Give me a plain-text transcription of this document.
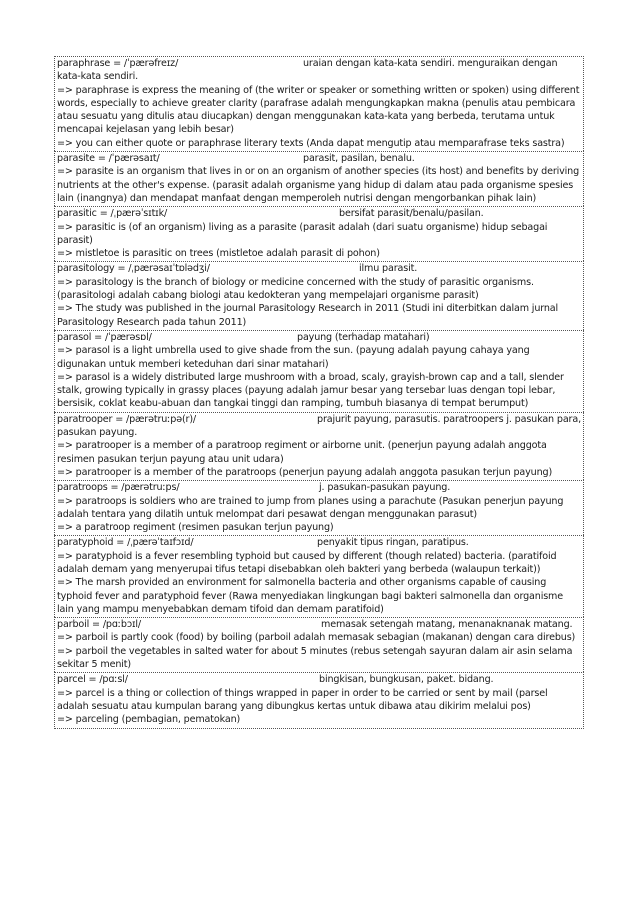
paraphrase = /ˈpærəfreɪz/	uraian dengan kata-kata sendiri. menguraikan dengan kata-kata sendiri.
=> paraphrase is express the meaning of (the writer or speaker or something written or spoken) using different words, especially to achieve greater clarity (parafrase adalah mengungkapkan makna (penulis atau pembicara atau sesuatu yang ditulis atau diucapkan) dengan menggunakan kata-kata yang berbeda, terutama untuk mencapai kejelasan yang lebih besar)
=> you can either quote or paraphrase literary texts (Anda dapat mengutip atau memparafrase teks sastra)
parasite = /ˈpærəsaɪt/	parasit, pasilan, benalu.
=> parasite is an organism that lives in or on an organism of another species (its host) and benefits by deriving nutrients at the other's expense. (parasit adalah organisme yang hidup di dalam atau pada organisme spesies lain (inangnya) dan mendapat manfaat dengan memperoleh nutrisi dengan mengorbankan pihak lain)
parasitic = /ˌpærəˈsɪtɪk/	bersifat parasit/benalu/pasilan.
=> parasitic is (of an organism) living as a parasite (parasit adalah (dari suatu organisme) hidup sebagai parasit)
=> mistletoe is parasitic on trees (mistletoe adalah parasit di pohon)
parasitology = /ˌpærəsaɪˈtɒlədʒi/	ilmu parasit.
=> parasitology is the branch of biology or medicine concerned with the study of parasitic organisms. (parasitologi adalah cabang biologi atau kedokteran yang mempelajari organisme parasit)
=> The study was published in the journal Parasitology Research in 2011 (Studi ini diterbitkan dalam jurnal Parasitology Research pada tahun 2011)
parasol = /ˈpærəsɒl/	payung (terhadap matahari)
=> parasol is a light umbrella used to give shade from the sun. (payung adalah payung cahaya yang digunakan untuk memberi keteduhan dari sinar matahari)
=> parasol is a widely distributed large mushroom with a broad, scaly, grayish-brown cap and a tall, slender stalk, growing typically in grassy places (payung adalah jamur besar yang tersebar luas dengan topi lebar, bersisik, coklat keabu-abuan dan tangkai tinggi dan ramping, tumbuh biasanya di tempat berumput)
paratrooper = /pærətruːpə(r)/	prajurit payung, parasutis. paratroopers j. pasukan para, pasukan payung.
=> paratrooper is a member of a paratroop regiment or airborne unit. (penerjun payung adalah anggota resimen pasukan terjun payung atau unit udara)
=> paratrooper is a member of the paratroops (penerjun payung adalah anggota pasukan terjun payung)
paratroops = /pærətruːps/	j. pasukan-pasukan payung.
=> paratroops is soldiers who are trained to jump from planes using a parachute (Pasukan penerjun payung adalah tentara yang dilatih untuk melompat dari pesawat dengan menggunakan parasut)
=> a paratroop regiment (resimen pasukan terjun payung)
paratyphoid = /ˌpærəˈtaɪfɔɪd/	penyakit tipus ringan, paratipus.
=> paratyphoid is a fever resembling typhoid but caused by different (though related) bacteria. (paratifoid adalah demam yang menyerupai tifus tetapi disebabkan oleh bakteri yang berbeda (walaupun terkait))
=> The marsh provided an environment for salmonella bacteria and other organisms capable of causing typhoid fever and paratyphoid fever (Rawa menyediakan lingkungan bagi bakteri salmonella dan organisme lain yang mampu menyebabkan demam tifoid dan demam paratifoid)
parboil = /pɑːbɔɪl/	memasak setengah matang, menanaknanak matang.
=> parboil is partly cook (food) by boiling (parboil adalah memasak sebagian (makanan) dengan cara direbus)
=> parboil the vegetables in salted water for about 5 minutes (rebus setengah sayuran dalam air asin selama sekitar 5 menit)
parcel = /pɑːsl/	bingkisan, bungkusan, paket. bidang.
=> parcel is a thing or collection of things wrapped in paper in order to be carried or sent by mail (parsel adalah sesuatu atau kumpulan barang yang dibungkus kertas untuk dibawa atau dikirim melalui pos)
=> parceling (pembagian, pematokan)
